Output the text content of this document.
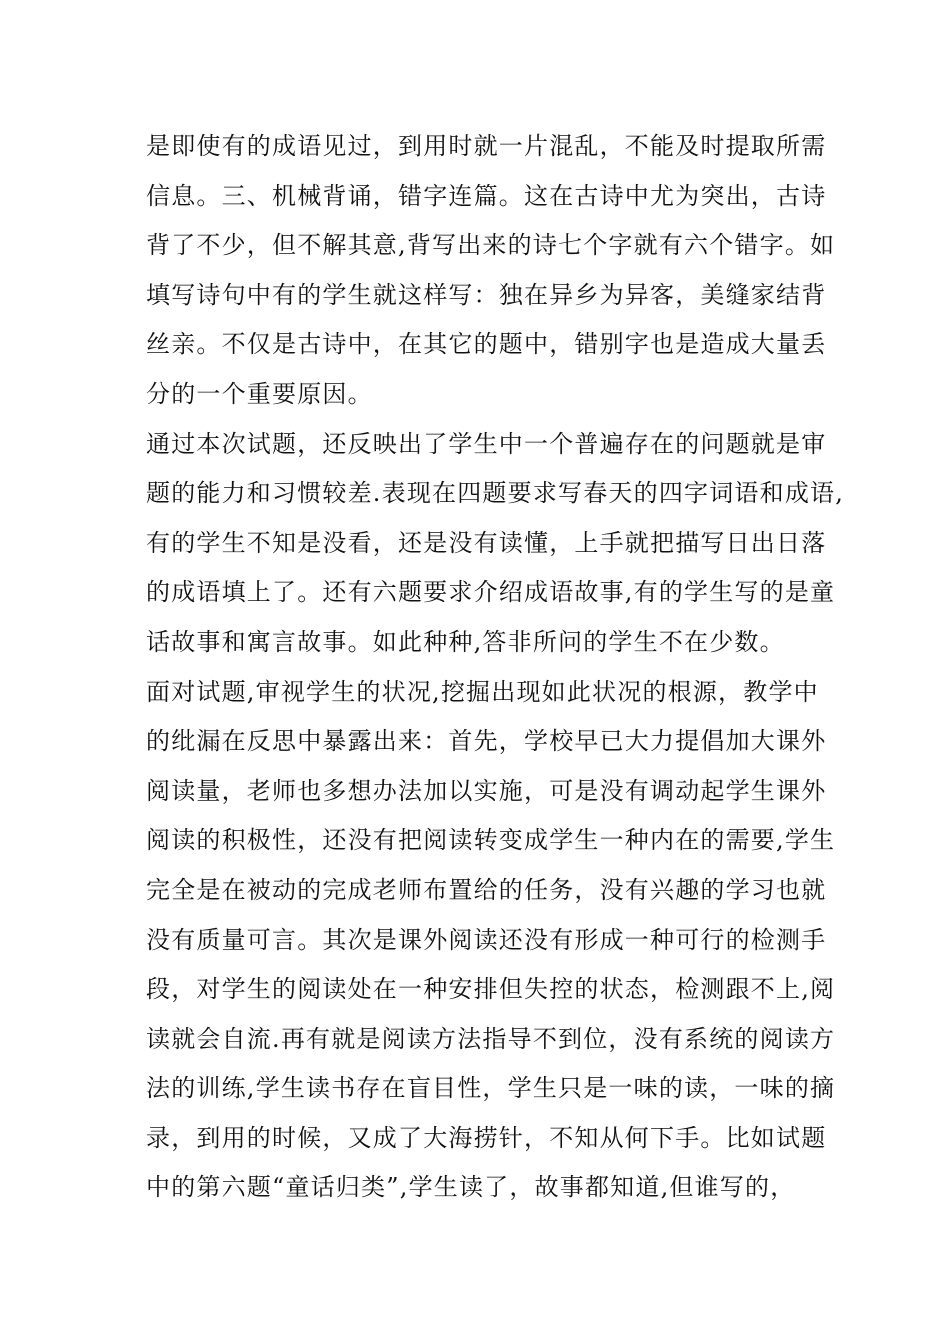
是即使有的成语见过，到用时就一片混乱，不能及时提取所需
信息。三、机械背诵，错字连篇。这在古诗中尤为突出，古诗
背了不少，但不解其意,背写出来的诗七个字就有六个错字。如
填写诗句中有的学生就这样写：独在异乡为异客，美缝家结背
丝亲。不仅是古诗中，在其它的题中，错别字也是造成大量丢
分的一个重要原因。
通过本次试题，还反映出了学生中一个普遍存在的问题就是审
题的能力和习惯较差.表现在四题要求写春天的四字词语和成语,
有的学生不知是没看，还是没有读懂，上手就把描写日出日落
的成语填上了。还有六题要求介绍成语故事,有的学生写的是童
话故事和寓言故事。如此种种,答非所问的学生不在少数。
面对试题,审视学生的状况,挖掘出现如此状况的根源，教学中
的纰漏在反思中暴露出来：首先，学校早已大力提倡加大课外
阅读量，老师也多想办法加以实施，可是没有调动起学生课外
阅读的积极性，还没有把阅读转变成学生一种内在的需要,学生
完全是在被动的完成老师布置给的任务，没有兴趣的学习也就
没有质量可言。其次是课外阅读还没有形成一种可行的检测手
段，对学生的阅读处在一种安排但失控的状态，检测跟不上,阅
读就会自流.再有就是阅读方法指导不到位，没有系统的阅读方
法的训练,学生读书存在盲目性，学生只是一味的读，一味的摘
录，到用的时候，又成了大海捞针，不知从何下手。比如试题
中的第六题“童话归类”,学生读了，故事都知道,但谁写的，
